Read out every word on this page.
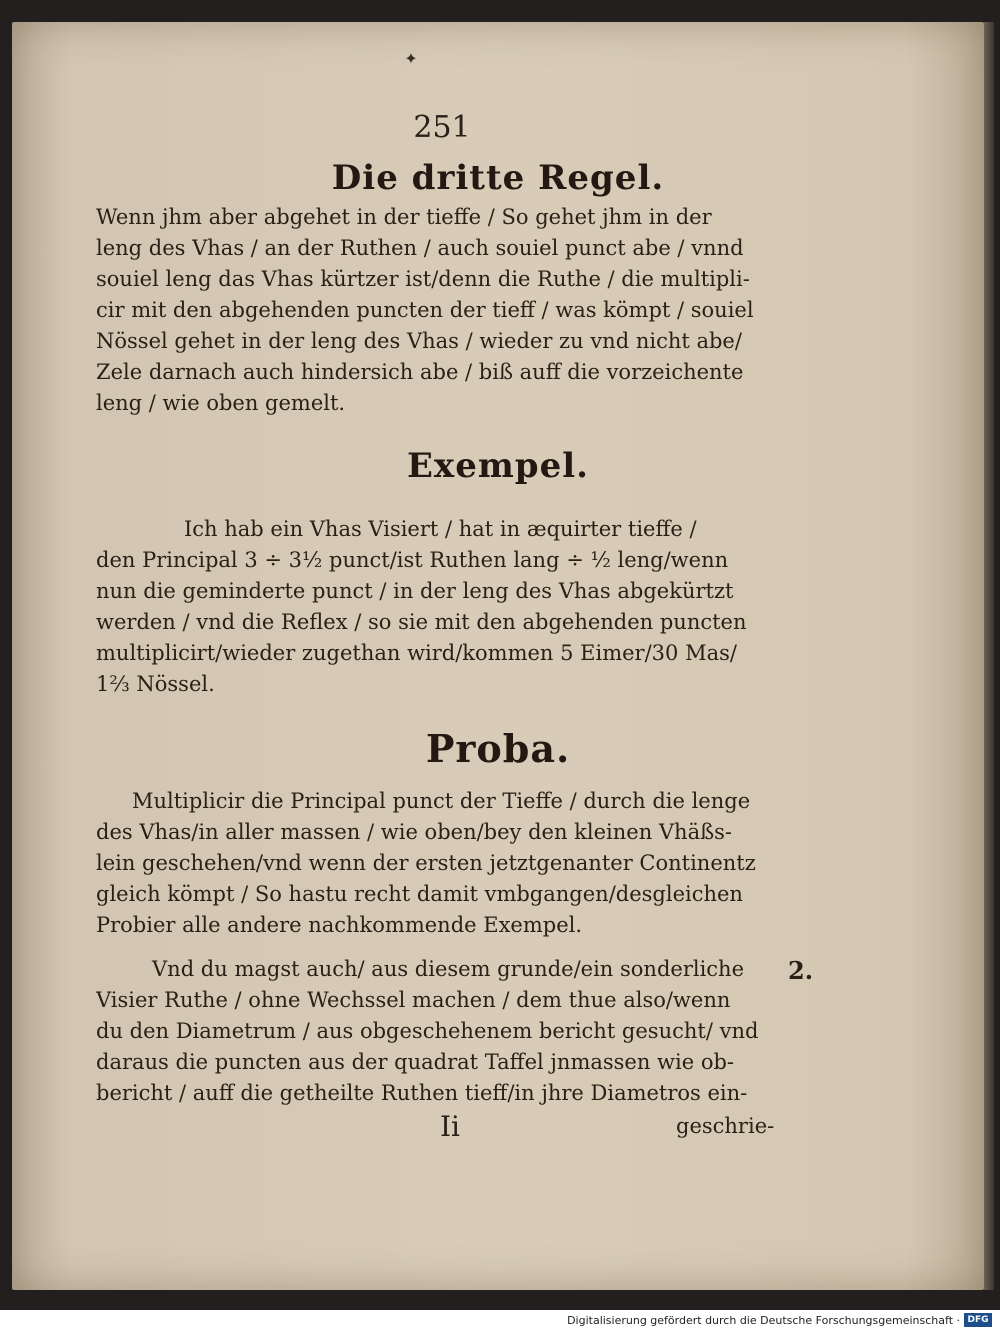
✦
251
Die dritte Regel.
Wenn jhm aber abgehet in der tieffe / So gehet jhm in der
leng des Vhas / an der Ruthen / auch souiel punct abe / vnnd
souiel leng das Vhas kürtzer ist/denn die Ruthe / die multipli-
cir mit den abgehenden puncten der tieff / was kömpt / souiel
Nössel gehet in der leng des Vhas / wieder zu vnd nicht abe/
Zele darnach auch hindersich abe / biß auff die vorzeichente
leng / wie oben gemelt.
Exempel.
Ich hab ein Vhas Visiert / hat in æquirter tieffe /
den Principal 3 ÷ 3½ punct/ist Ruthen lang ÷ ½ leng/wenn
nun die geminderte punct / in der leng des Vhas abgekürtzt
werden / vnd die Reflex / so sie mit den abgehenden puncten
multiplicirt/wieder zugethan wird/kommen 5 Eimer/30 Mas/
1⅔ Nössel.
Proba.
Multiplicir die Principal punct der Tieffe / durch die lenge
des Vhas/in aller massen / wie oben/bey den kleinen Vhäßs-
lein geschehen/vnd wenn der ersten jetztgenanter Continentz
gleich kömpt / So hastu recht damit vmbgangen/desgleichen
Probier alle andere nachkommende Exempel.
Vnd du magst auch/ aus diesem grunde/ein sonderliche
Visier Ruthe / ohne Wechssel machen / dem thue also/wenn
du den Diametrum / aus obgeschehenem bericht gesucht/ vnd
daraus die puncten aus der quadrat Taffel jnmassen wie ob-
bericht / auff die getheilte Ruthen tieff/in jhre Diametros ein-
2.
Ii	geschrie-
Digitalisierung gefördert durch die Deutsche Forschungsgemeinschaft · DFG
